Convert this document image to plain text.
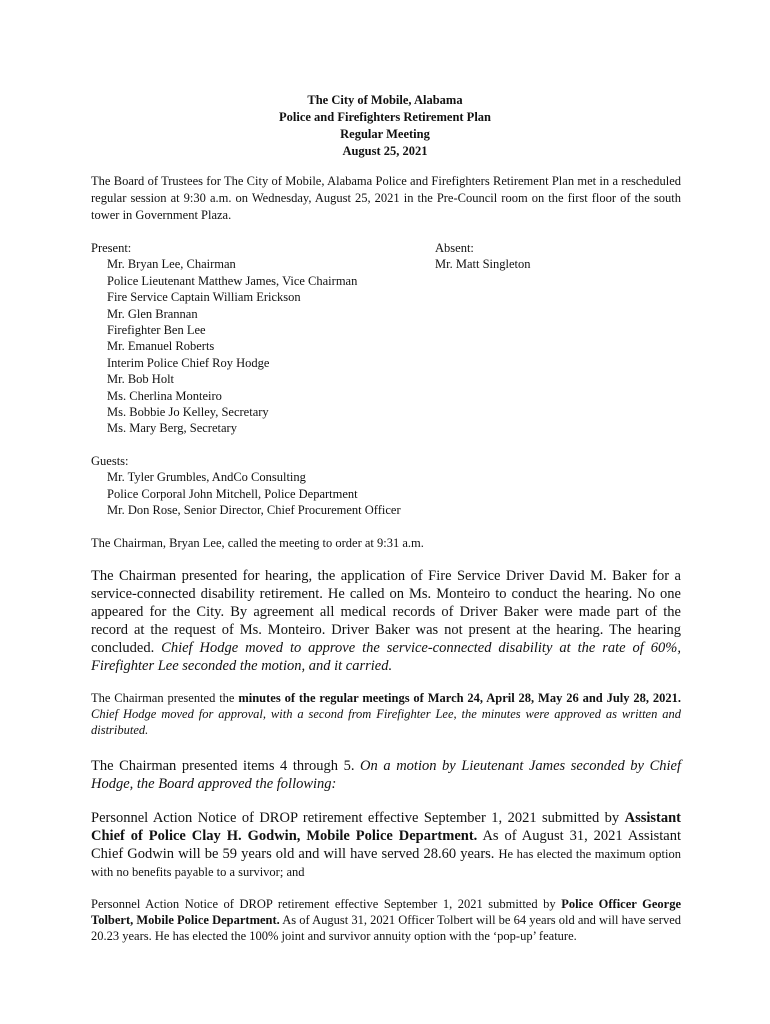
The City of Mobile, Alabama
Police and Firefighters Retirement Plan
Regular Meeting
August 25, 2021
The Board of Trustees for The City of Mobile, Alabama Police and Firefighters Retirement Plan met in a rescheduled regular session at 9:30 a.m. on Wednesday, August 25, 2021 in the Pre-Council room on the first floor of the south tower in Government Plaza.
Present:
Mr. Bryan Lee, Chairman
Police Lieutenant Matthew James, Vice Chairman
Fire Service Captain William Erickson
Mr. Glen Brannan
Firefighter Ben Lee
Mr. Emanuel Roberts
Interim Police Chief Roy Hodge
Mr. Bob Holt
Ms. Cherlina Monteiro
Ms. Bobbie Jo Kelley, Secretary
Ms. Mary Berg, Secretary
Absent:
Mr. Matt Singleton
Guests:
Mr. Tyler Grumbles, AndCo Consulting
Police Corporal John Mitchell, Police Department
Mr. Don Rose, Senior Director, Chief Procurement Officer
The Chairman, Bryan Lee, called the meeting to order at 9:31 a.m.
The Chairman presented for hearing, the application of Fire Service Driver David M. Baker for a service-connected disability retirement. He called on Ms. Monteiro to conduct the hearing. No one appeared for the City. By agreement all medical records of Driver Baker were made part of the record at the request of Ms. Monteiro. Driver Baker was not present at the hearing. The hearing concluded. Chief Hodge moved to approve the service-connected disability at the rate of 60%, Firefighter Lee seconded the motion, and it carried.
The Chairman presented the minutes of the regular meetings of March 24, April 28, May 26 and July 28, 2021. Chief Hodge moved for approval, with a second from Firefighter Lee, the minutes were approved as written and distributed.
The Chairman presented items 4 through 5. On a motion by Lieutenant James seconded by Chief Hodge, the Board approved the following:
Personnel Action Notice of DROP retirement effective September 1, 2021 submitted by Assistant Chief of Police Clay H. Godwin, Mobile Police Department. As of August 31, 2021 Assistant Chief Godwin will be 59 years old and will have served 28.60 years. He has elected the maximum option with no benefits payable to a survivor; and
Personnel Action Notice of DROP retirement effective September 1, 2021 submitted by Police Officer George Tolbert, Mobile Police Department. As of August 31, 2021 Officer Tolbert will be 64 years old and will have served 20.23 years. He has elected the 100% joint and survivor annuity option with the ‘pop-up’ feature.
